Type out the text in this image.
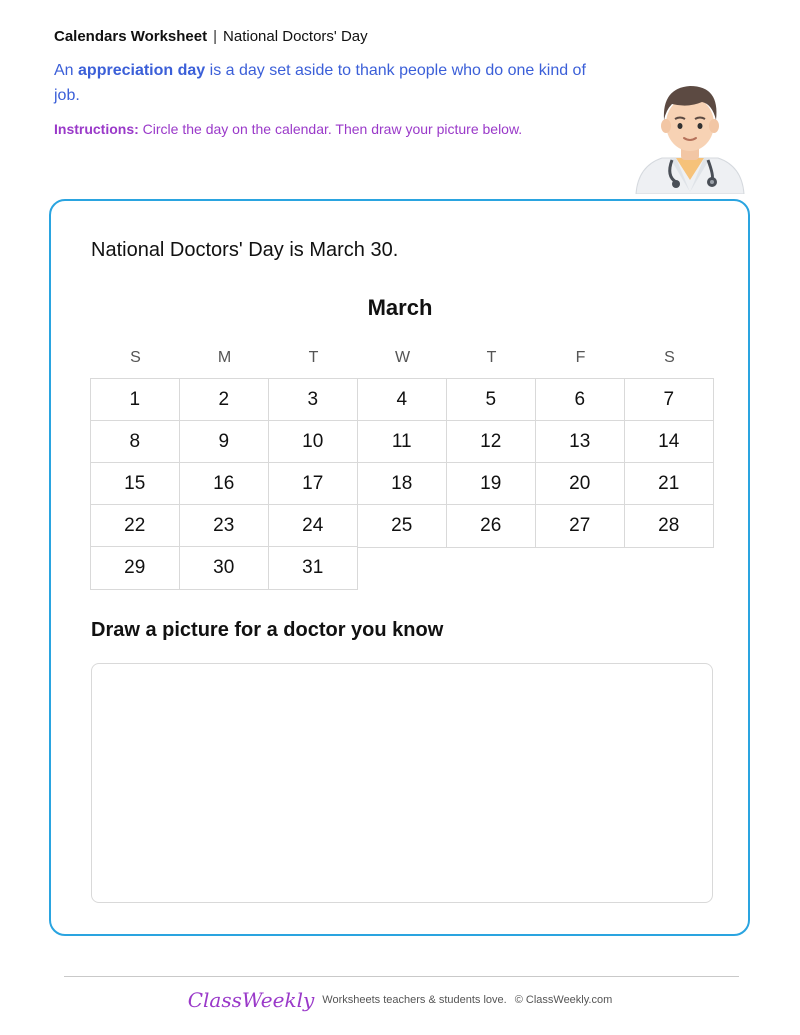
Calendars Worksheet | National Doctors' Day
An appreciation day is a day set aside to thank people who do one kind of job.
Instructions: Circle the day on the calendar. Then draw your picture below.
National Doctors' Day is March 30.
March
S	M	T	W	T	F	S
1	2	3	4	5	6	7
8	9	10	11	12	13	14
15	16	17	18	19	20	21
22	23	24	25	26	27	28
29	30	31
Draw a picture for a doctor you know
ClassWeekly Worksheets teachers & students love. © ClassWeekly.com
